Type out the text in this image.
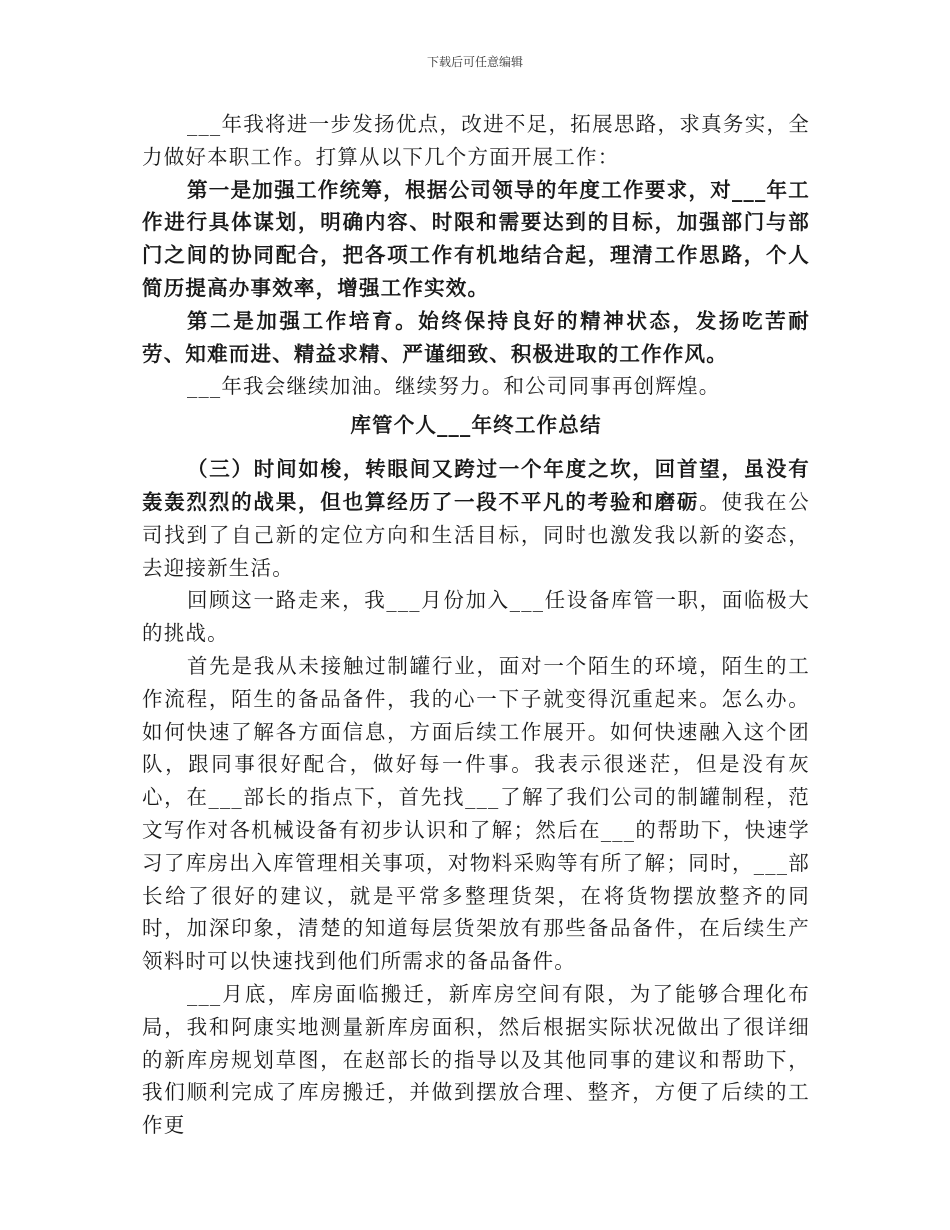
下载后可任意编辑

___年我将进一步发扬优点，改进不足，拓展思路，求真务实，全力做好本职工作。打算从以下几个方面开展工作：

第一是加强工作统筹，根据公司领导的年度工作要求，对___年工作进行具体谋划，明确内容、时限和需要达到的目标，加强部门与部门之间的协同配合，把各项工作有机地结合起，理清工作思路，个人简历提高办事效率，增强工作实效。

第二是加强工作培育。始终保持良好的精神状态，发扬吃苦耐劳、知难而进、精益求精、严谨细致、积极进取的工作作风。

___年我会继续加油。继续努力。和公司同事再创辉煌。

库管个人___年终工作总结

（三）时间如梭，转眼间又跨过一个年度之坎，回首望，虽没有轰轰烈烈的战果，但也算经历了一段不平凡的考验和磨砺。使我在公司找到了自己新的定位方向和生活目标，同时也激发我以新的姿态，去迎接新生活。

回顾这一路走来，我___月份加入___任设备库管一职，面临极大的挑战。

首先是我从未接触过制罐行业，面对一个陌生的环境，陌生的工作流程，陌生的备品备件，我的心一下子就变得沉重起来。怎么办。如何快速了解各方面信息，方面后续工作展开。如何快速融入这个团队，跟同事很好配合，做好每一件事。我表示很迷茫，但是没有灰心，在___部长的指点下，首先找___了解了我们公司的制罐制程，范文写作对各机械设备有初步认识和了解；然后在___的帮助下，快速学习了库房出入库管理相关事项，对物料采购等有所了解；同时，___部长给了很好的建议，就是平常多整理货架，在将货物摆放整齐的同时，加深印象，清楚的知道每层货架放有那些备品备件，在后续生产领料时可以快速找到他们所需求的备品备件。

___月底，库房面临搬迁，新库房空间有限，为了能够合理化布局，我和阿康实地测量新库房面积，然后根据实际状况做出了很详细的新库房规划草图，在赵部长的指导以及其他同事的建议和帮助下，我们顺利完成了库房搬迁，并做到摆放合理、整齐，方便了后续的工作更
